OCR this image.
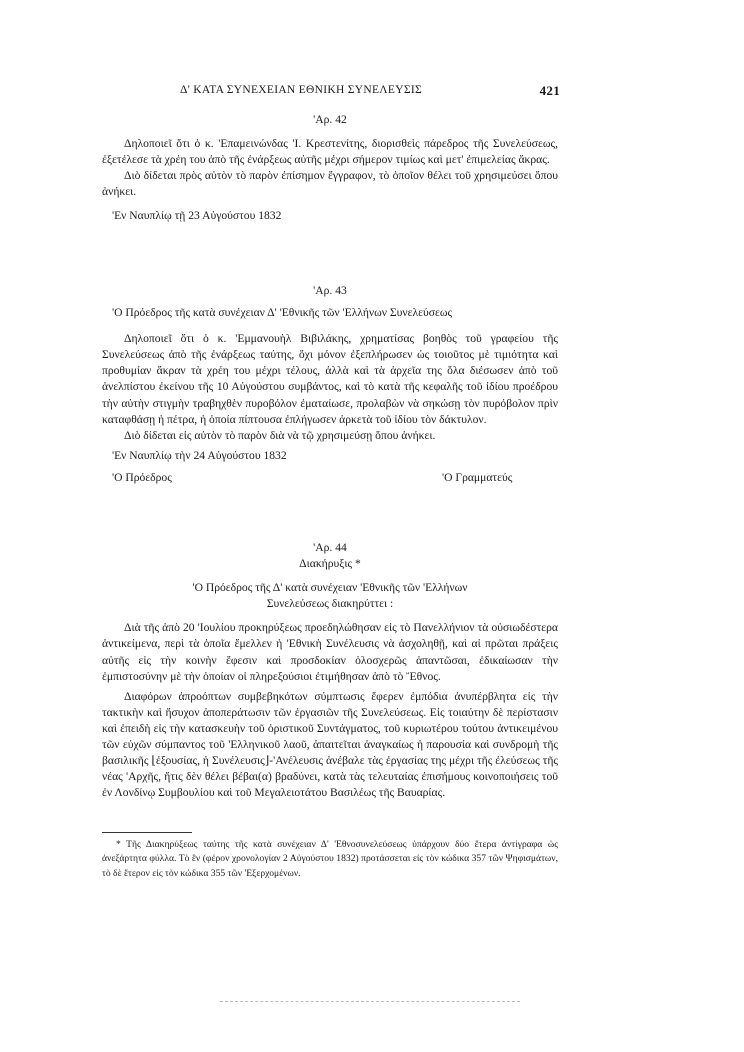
Δ' ΚΑΤΑ ΣΥΝΕΧΕΙΑΝ ΕΘΝΙΚΗ ΣΥΝΕΛΕΥΣΙΣ	421

'Αρ. 42

Δηλοποιεῖ ὅτι ὁ κ. 'Επαμεινώνδας 'Ι. Κρεστενίτης, διορισθεὶς πάρεδρος τῆς Συνελεύσεως, ἐξετέλεσε τὰ χρέη του ἀπὸ τῆς ἐνάρξεως αὐτῆς μέχρι σήμερον τιμίως καὶ μετ' ἐπιμελείας ἄκρας.

Διὸ δίδεται πρὸς αὐτὸν τὸ παρὸν ἐπίσημον ἔγγραφον, τὸ ὁποῖον θέλει τοῦ χρησιμεύσει ὅπου ἀνήκει.

'Εν Ναυπλίῳ τῇ 23 Αὐγούστου 1832

'Αρ. 43

'Ο Πρόεδρος τῆς κατὰ συνέχειαν Δ' 'Εθνικῆς τῶν 'Ελλήνων Συνελεύσεως

Δηλοποιεῖ ὅτι ὁ κ. 'Εμμανουὴλ Βιβιλάκης, χρηματίσας βοηθὸς τοῦ γραφείου τῆς Συνελεύσεως ἀπὸ τῆς ἐνάρξεως ταύτης, ὄχι μόνον ἐξεπλήρωσεν ὡς τοιοῦτος μὲ τιμιότητα καὶ προθυμίαν ἄκραν τὰ χρέη του μέχρι τέλους, ἀλλὰ καὶ τὰ ἀρχεῖα της ὅλα διέσωσεν ἀπὸ τοῦ ἀνελπίστου ἐκείνου τῆς 10 Αὐγούστου συμβάντος, καὶ τὸ κατὰ τῆς κεφαλῆς τοῦ ἰδίου προέδρου τὴν αὐτὴν στιγμὴν τραβηχθὲν πυροβόλον ἐματαίωσε, προλαβὼν νὰ σηκώσῃ τὸν πυρόβολον πρὶν καταφθάσῃ ἡ πέτρα, ἡ ὁποία πίπτουσα ἐπλήγωσεν ἀρκετὰ τοῦ ἰδίου τὸν δάκτυλον.

Διὸ δίδεται εἰς αὐτὸν τὸ παρὸν διὰ νὰ τῷ χρησιμεύσῃ ὅπου ἀνήκει.

'Εν Ναυπλίῳ τὴν 24 Αὐγούστου 1832

'Ο Πρόεδρος	'Ο Γραμματεύς

'Αρ. 44

Διακήρυξις *

'Ο Πρόεδρος τῆς Δ' κατὰ συνέχειαν 'Εθνικῆς τῶν 'Ελλήνων

Συνελεύσεως διακηρύττει :

Διὰ τῆς ἀπὸ 20 'Ιουλίου προκηρύξεως προεδηλώθησαν εἰς τὸ Πανελλήνιον τὰ οὐσιωδέστερα ἀντικείμενα, περὶ τὰ ὁποῖα ἔμελλεν ἡ 'Εθνικὴ Συνέλευσις νὰ ἀσχοληθῇ, καὶ αἱ πρῶται πράξεις αὐτῆς εἰς τὴν κοινὴν ἔφεσιν καὶ προσδοκίαν ὁλοσχερῶς ἀπαντῶσαι, ἐδικαίωσαν τὴν ἐμπιστοσύνην μὲ τὴν ὁποίαν οἱ πληρεξούσιοι ἐτιμήθησαν ἀπὸ τὸ Ἔθνος.

Διαφόρων ἀπροόπτων συμβεβηκότων σύμπτωσις ἔφερεν ἐμπόδια ἀνυπέρβλητα εἰς τὴν τακτικὴν καὶ ἥσυχον ἀποπεράτωσιν τῶν ἐργασιῶν τῆς Συνελεύσεως. Εἰς τοιαύτην δὲ περίστασιν καὶ ἐπειδὴ εἰς τὴν κατασκευὴν τοῦ ὁριστικοῦ Συντάγματος, τοῦ κυριωτέρου τούτου ἀντικειμένου τῶν εὐχῶν σύμπαντος τοῦ 'Ελληνικοῦ λαοῦ, ἀπαιτεῖται ἀναγκαίως ἡ παρουσία καὶ συνδρομὴ τῆς βασιλικῆς ⌊ἐξουσίας, ἡ Συνέλευσις⌋-'Ανέλευσις ἀνέβαλε τὰς ἐργασίας της μέχρι τῆς ἐλεύσεως τῆς νέας 'Αρχῆς, ἥτις δὲν θέλει βέβαι(α) βραδύνει, κατὰ τὰς τελευταίας ἐπισήμους κοινοποιήσεις τοῦ ἐν Λονδίνῳ Συμβουλίου καὶ τοῦ Μεγαλειοτάτου Βασιλέως τῆς Βαυαρίας.

* Τῆς Διακηρύξεως ταύτης τῆς κατὰ συνέχειαν Δ' 'Εθνοσυνελεύσεως ὑπάρχουν δύο ἕτερα ἀντίγραφα ὡς ἀνεξάρτητα φύλλα. Τὸ ἓν (φέρον χρονολογίαν 2 Αὐγούστου 1832) προτάσσεται εἰς τὸν κώδικα 357 τῶν Ψηφισμάτων, τὸ δὲ ἕτερον εἰς τὸν κώδικα 355 τῶν 'Εξερχομένων.
